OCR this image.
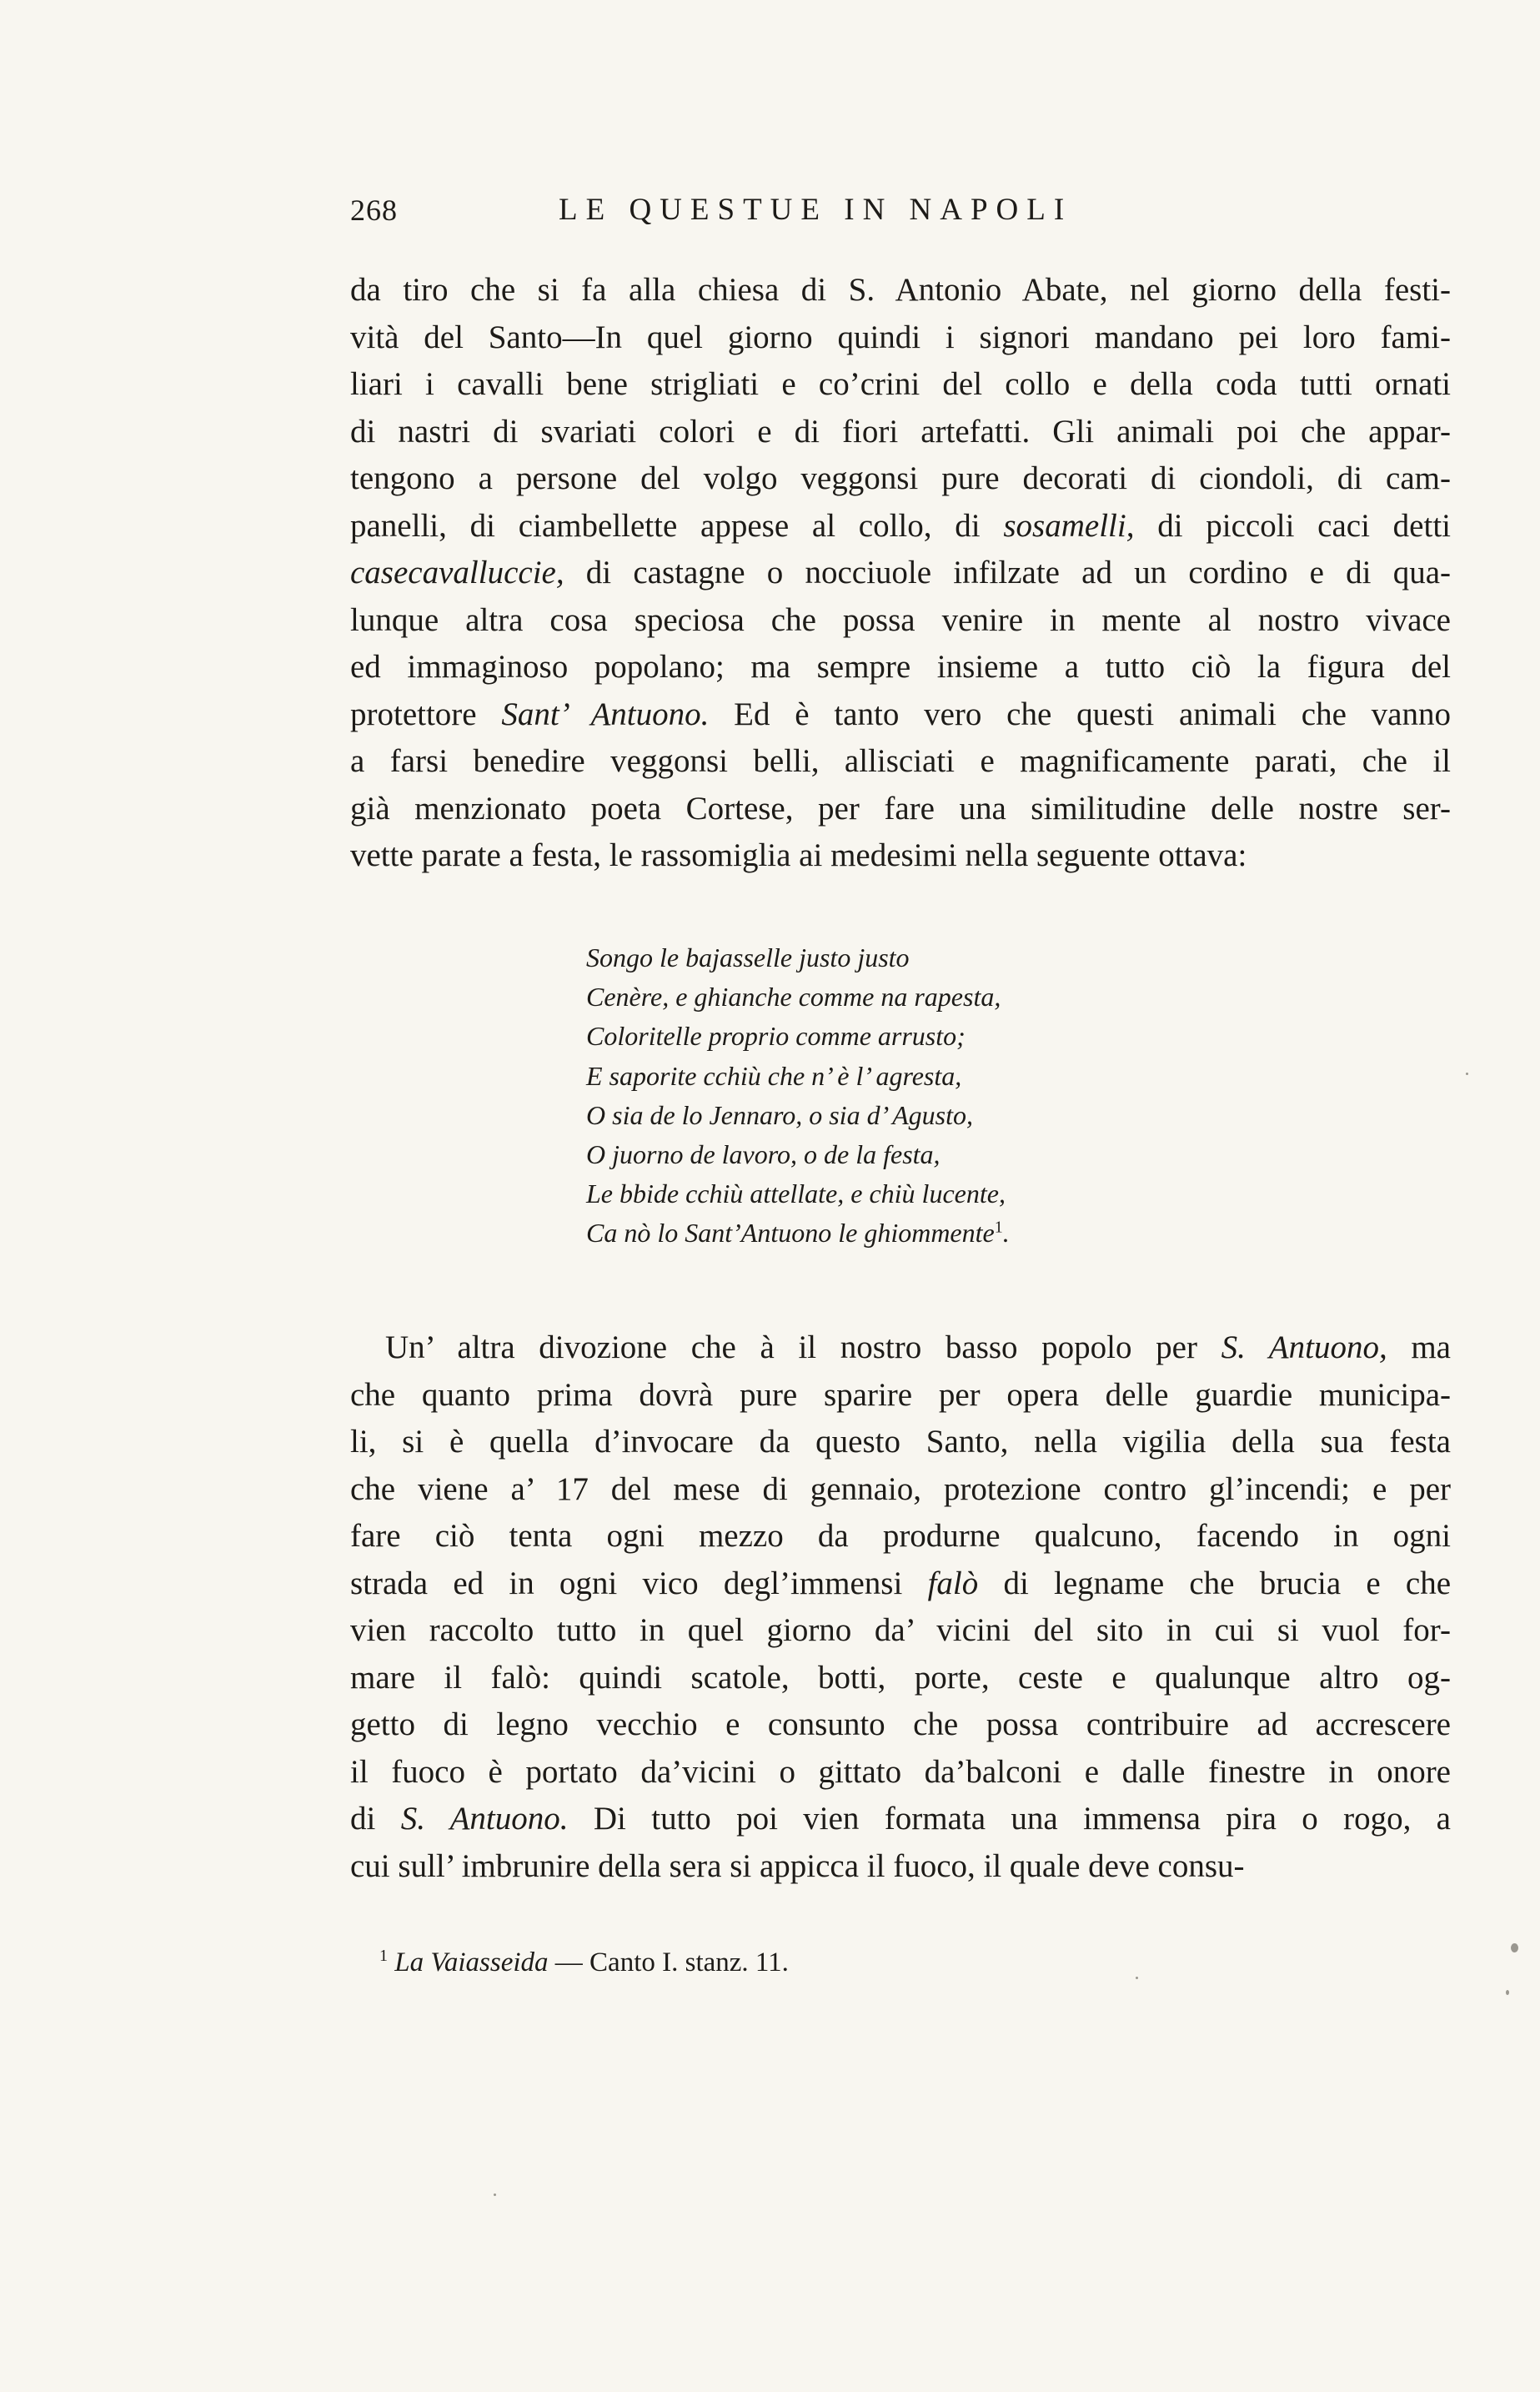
268	LE QUESTUE IN NAPOLI
da tiro che si fa alla chiesa di S. Antonio Abate, nel giorno della festi-
vità del Santo—In quel giorno quindi i signori mandano pei loro fami-
liari i cavalli bene strigliati e co’crini del collo e della coda tutti ornati
di nastri di svariati colori e di fiori artefatti. Gli animali poi che appar-
tengono a persone del volgo veggonsi pure decorati di ciondoli, di cam-
panelli, di ciambellette appese al collo, di sosamelli, di piccoli caci detti
casecavalluccie, di castagne o nocciuole infilzate ad un cordino e di qua-
lunque altra cosa speciosa che possa venire in mente al nostro vivace
ed immaginoso popolano; ma sempre insieme a tutto ciò la figura del
protettore Sant’ Antuono. Ed è tanto vero che questi animali che vanno
a farsi benedire veggonsi belli, allisciati e magnificamente parati, che il
già menzionato poeta Cortese, per fare una similitudine delle nostre ser-
vette parate a festa, le rassomiglia ai medesimi nella seguente ottava:
Songo le bajasselle justo justo
Cenère, e ghianche comme na rapesta,
Coloritelle proprio comme arrusto;
E saporite cchiù che n’ è l’ agresta,
O sia de lo Jennaro, o sia d’ Agusto,
O juorno de lavoro, o de la festa,
Le bbide cchiù attellate, e chiù lucente,
Ca nò lo Sant’Antuono le ghiommente$^1$.
Un’ altra divozione che à il nostro basso popolo per S. Antuono, ma
che quanto prima dovrà pure sparire per opera delle guardie municipa-
li, si è quella d’invocare da questo Santo, nella vigilia della sua festa
che viene a’ 17 del mese di gennaio, protezione contro gl’incendi; e per
fare ciò tenta ogni mezzo da produrne qualcuno, facendo in ogni
strada ed in ogni vico degl’immensi falò di legname che brucia e che
vien raccolto tutto in quel giorno da’ vicini del sito in cui si vuol for-
mare il falò: quindi scatole, botti, porte, ceste e qualunque altro og-
getto di legno vecchio e consunto che possa contribuire ad accrescere
il fuoco è portato da’vicini o gittato da’balconi e dalle finestre in onore
di S. Antuono. Di tutto poi vien formata una immensa pira o rogo, a
cui sull’ imbrunire della sera si appicca il fuoco, il quale deve consu-
$^1$ La Vaiasseida — Canto I. stanz. 11.
